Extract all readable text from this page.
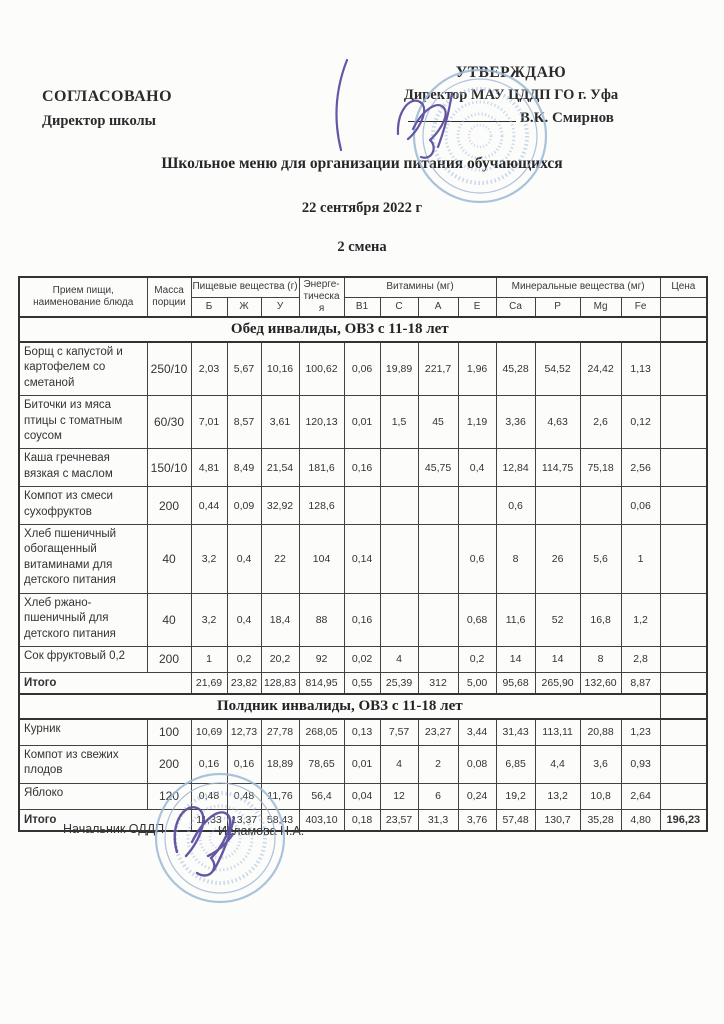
СОГЛАСОВАНО
Директор школы
УТВЕРЖДАЮ
Директор МАУ ЦДДП ГО г. Уфа
В.К. Смирнов
Школьное меню для организации питания обучающихся
22 сентября 2022 г
2 смена
Прием пищи, наименование блюда	Масса порции	Пищевые вещества (г)			Энерге-тическа я	Витамины (мг)				Минеральные вещества (мг)				Цена
		Б	Ж	У		B1	C	A	E	Ca	P	Mg	Fe	
Обед инвалиды, ОВЗ с 11-18 лет														
Борщ с капустой и картофелем со сметаной	250/10	2,03	5,67	10,16	100,62	0,06	19,89	221,7	1,96	45,28	54,52	24,42	1,13	
Биточки из мяса птицы с томатным соусом	60/30	7,01	8,57	3,61	120,13	0,01	1,5	45	1,19	3,36	4,63	2,6	0,12	
Каша гречневая вязкая с маслом	150/10	4,81	8,49	21,54	181,6	0,16		45,75	0,4	12,84	114,75	75,18	2,56	
Компот из смеси сухофруктов	200	0,44	0,09	32,92	128,6					0,6			0,06	
Хлеб пшеничный обогащенный витаминами для детского питания	40	3,2	0,4	22	104	0,14			0,6	8	26	5,6	1	
Хлеб ржано-пшеничный для детского питания	40	3,2	0,4	18,4	88	0,16			0,68	11,6	52	16,8	1,2	
Сок фруктовый 0,2	200	1	0,2	20,2	92	0,02	4		0,2	14	14	8	2,8	
Итого		21,69	23,82	128,83	814,95	0,55	25,39	312	5,00	95,68	265,90	132,60	8,87	
Полдник инвалиды, ОВЗ с 11-18 лет														
Курник	100	10,69	12,73	27,78	268,05	0,13	7,57	23,27	3,44	31,43	113,11	20,88	1,23	
Компот из свежих плодов	200	0,16	0,16	18,89	78,65	0,01	4	2	0,08	6,85	4,4	3,6	0,93	
Яблоко	120	0,48	0,48	11,76	56,4	0,04	12	6	0,24	19,2	13,2	10,8	2,64	
Итого		11,33	13,37	58,43	403,10	0,18	23,57	31,3	3,76	57,48	130,7	35,28	4,80	196,23
Начальник ОДДП	Исламова Н.А.
